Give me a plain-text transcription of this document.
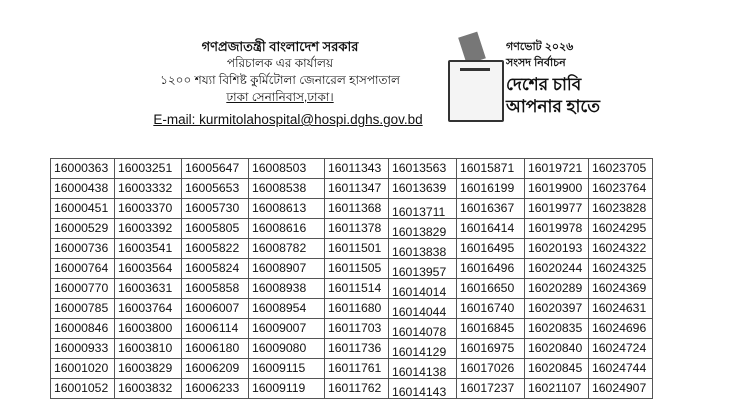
গণপ্রজাতন্ত্রী বাংলাদেশ সরকার
পরিচালক এর কার্যালয়
১২০০ শয্যা বিশিষ্ট কুর্মিটোলা জেনারেল হাসপাতাল
ঢাকা সেনানিবাস,ঢাকা।
E-mail: kurmitolahospital@hospi.dghs.gov.bd
গণভোট ২০২৬
সংসদ নির্বাচন
দেশের চাবি
আপনার হাতে
16000363	16003251	16005647	16008503	16011343	16013563	16015871	16019721	16023705
16000438	16003332	16005653	16008538	16011347	16013639	16016199	16019900	16023764
16000451	16003370	16005730	16008613	16011368	16013711	16016367	16019977	16023828
16000529	16003392	16005805	16008616	16011378	16013829	16016414	16019978	16024295
16000736	16003541	16005822	16008782	16011501	16013838	16016495	16020193	16024322
16000764	16003564	16005824	16008907	16011505	16013957	16016496	16020244	16024325
16000770	16003631	16005858	16008938	16011514	16014014	16016650	16020289	16024369
16000785	16003764	16006007	16008954	16011680	16014044	16016740	16020397	16024631
16000846	16003800	16006114	16009007	16011703	16014078	16016845	16020835	16024696
16000933	16003810	16006180	16009080	16011736	16014129	16016975	16020840	16024724
16001020	16003829	16006209	16009115	16011761	16014138	16017026	16020845	16024744
16001052	16003832	16006233	16009119	16011762	16014143	16017237	16021107	16024907
